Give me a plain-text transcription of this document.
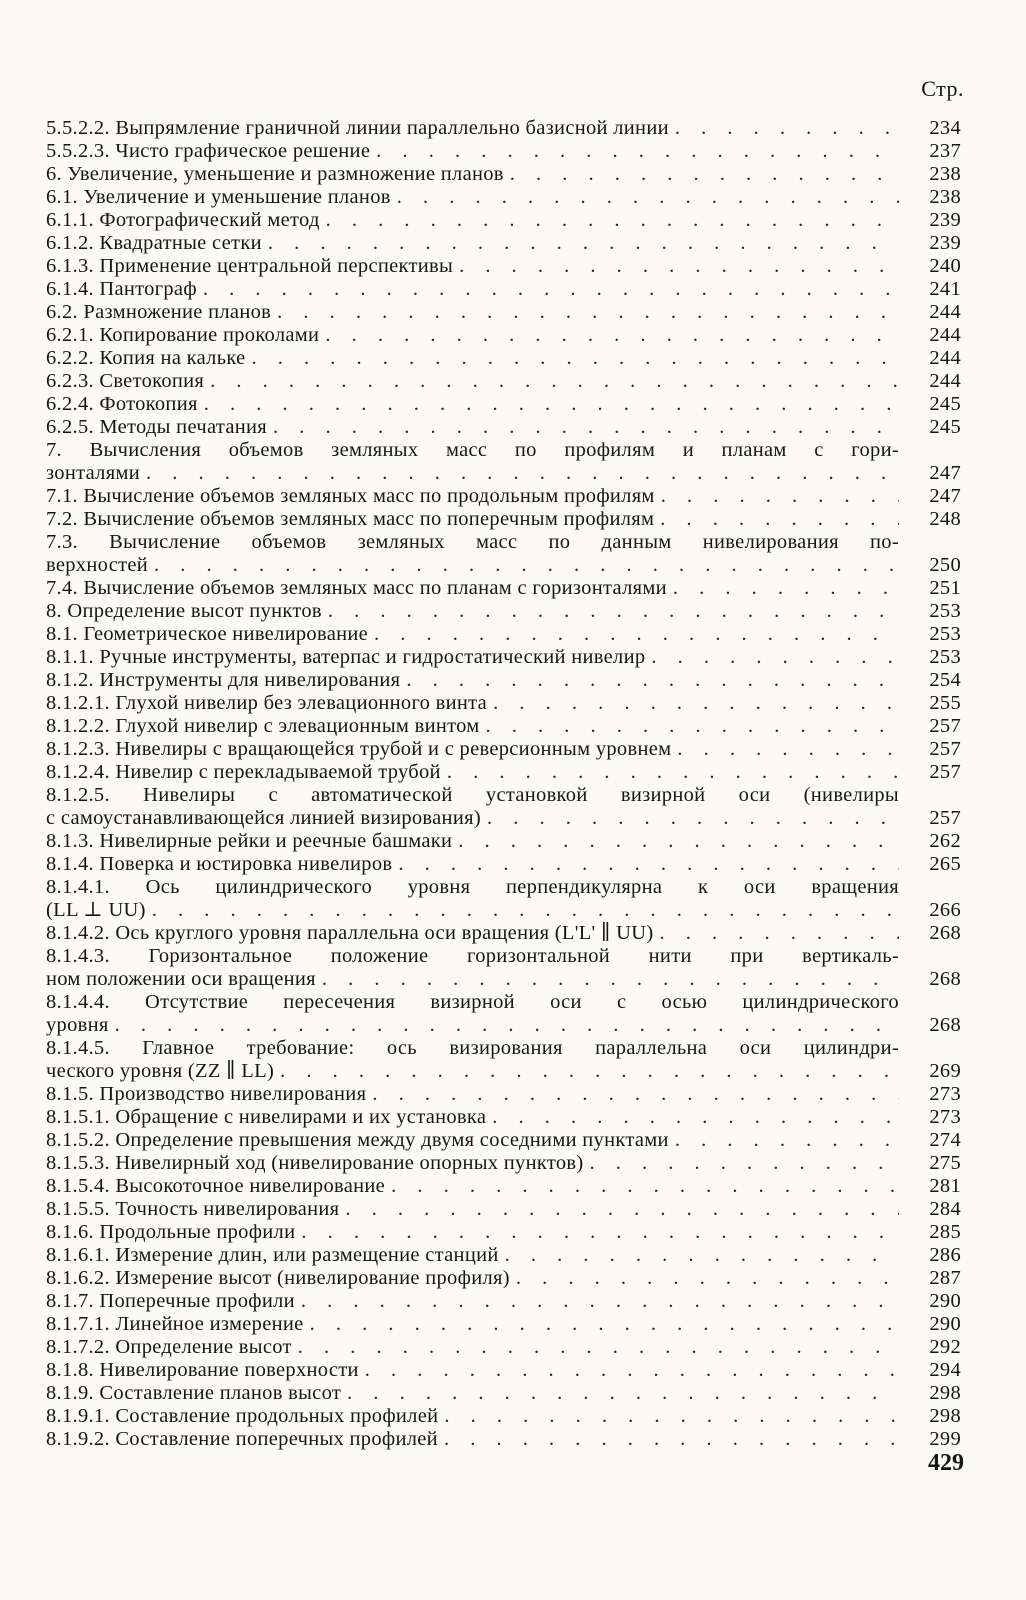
Стр.
5.5.2.2. Выпрямление граничной линии параллельно базисной линии . . .	234
5.5.2.3. Чисто графическое решение . . .	237
6. Увеличение, уменьшение и размножение планов . . .	238
6.1. Увеличение и уменьшение планов . . .	238
6.1.1. Фотографический метод . . .	239
6.1.2. Квадратные сетки . . .	239
6.1.3. Применение центральной перспективы . . .	240
6.1.4. Пантограф . . .	241
6.2. Размножение планов . . .	244
6.2.1. Копирование проколами . . .	244
6.2.2. Копия на кальке . . .	244
6.2.3. Светокопия . . .	244
6.2.4. Фотокопия . . .	245
6.2.5. Методы печатания . . .	245
7. Вычисления объемов земляных масс по профилям и планам с гори-
зонталями . . .	247
7.1. Вычисление объемов земляных масс по продольным профилям . . .	247
7.2. Вычисление объемов земляных масс по поперечным профилям . . .	248
7.3. Вычисление объемов земляных масс по данным нивелирования по-
верхностей . . .	250
7.4. Вычисление объемов земляных масс по планам с горизонталями . . .	251
8. Определение высот пунктов . . .	253
8.1. Геометрическое нивелирование . . .	253
8.1.1. Ручные инструменты, ватерпас и гидростатический нивелир . . .	253
8.1.2. Инструменты для нивелирования . . .	254
8.1.2.1. Глухой нивелир без элевационного винта . . .	255
8.1.2.2. Глухой нивелир с элевационным винтом . . .	257
8.1.2.3. Нивелиры с вращающейся трубой и с реверсионным уровнем . . .	257
8.1.2.4. Нивелир с перекладываемой трубой . . .	257
8.1.2.5. Нивелиры с автоматической установкой визирной оси (нивелиры
с самоустанавливающейся линией визирования) . . .	257
8.1.3. Нивелирные рейки и реечные башмаки . . .	262
8.1.4. Поверка и юстировка нивелиров . . .	265
8.1.4.1. Ось цилиндрического уровня перпендикулярна к оси вращения
(LL ⊥ UU) . . .	266
8.1.4.2. Ось круглого уровня параллельна оси вращения (L'L' ∥ UU) . . .	268
8.1.4.3. Горизонтальное положение горизонтальной нити при вертикаль-
ном положении оси вращения . . .	268
8.1.4.4. Отсутствие пересечения визирной оси с осью цилиндрического
уровня . . .	268
8.1.4.5. Главное требование: ось визирования параллельна оси цилиндри-
ческого уровня (ZZ ∥ LL) . . .	269
8.1.5. Производство нивелирования . . .	273
8.1.5.1. Обращение с нивелирами и их установка . . .	273
8.1.5.2. Определение превышения между двумя соседними пунктами . . .	274
8.1.5.3. Нивелирный ход (нивелирование опорных пунктов) . . .	275
8.1.5.4. Высокоточное нивелирование . . .	281
8.1.5.5. Точность нивелирования . . .	284
8.1.6. Продольные профили . . .	285
8.1.6.1. Измерение длин, или размещение станций . . .	286
8.1.6.2. Измерение высот (нивелирование профиля) . . .	287
8.1.7. Поперечные профили . . .	290
8.1.7.1. Линейное измерение . . .	290
8.1.7.2. Определение высот . . .	292
8.1.8. Нивелирование поверхности . . .	294
8.1.9. Составление планов высот . . .	298
8.1.9.1. Составление продольных профилей . . .	298
8.1.9.2. Составление поперечных профилей . . .	299
429
